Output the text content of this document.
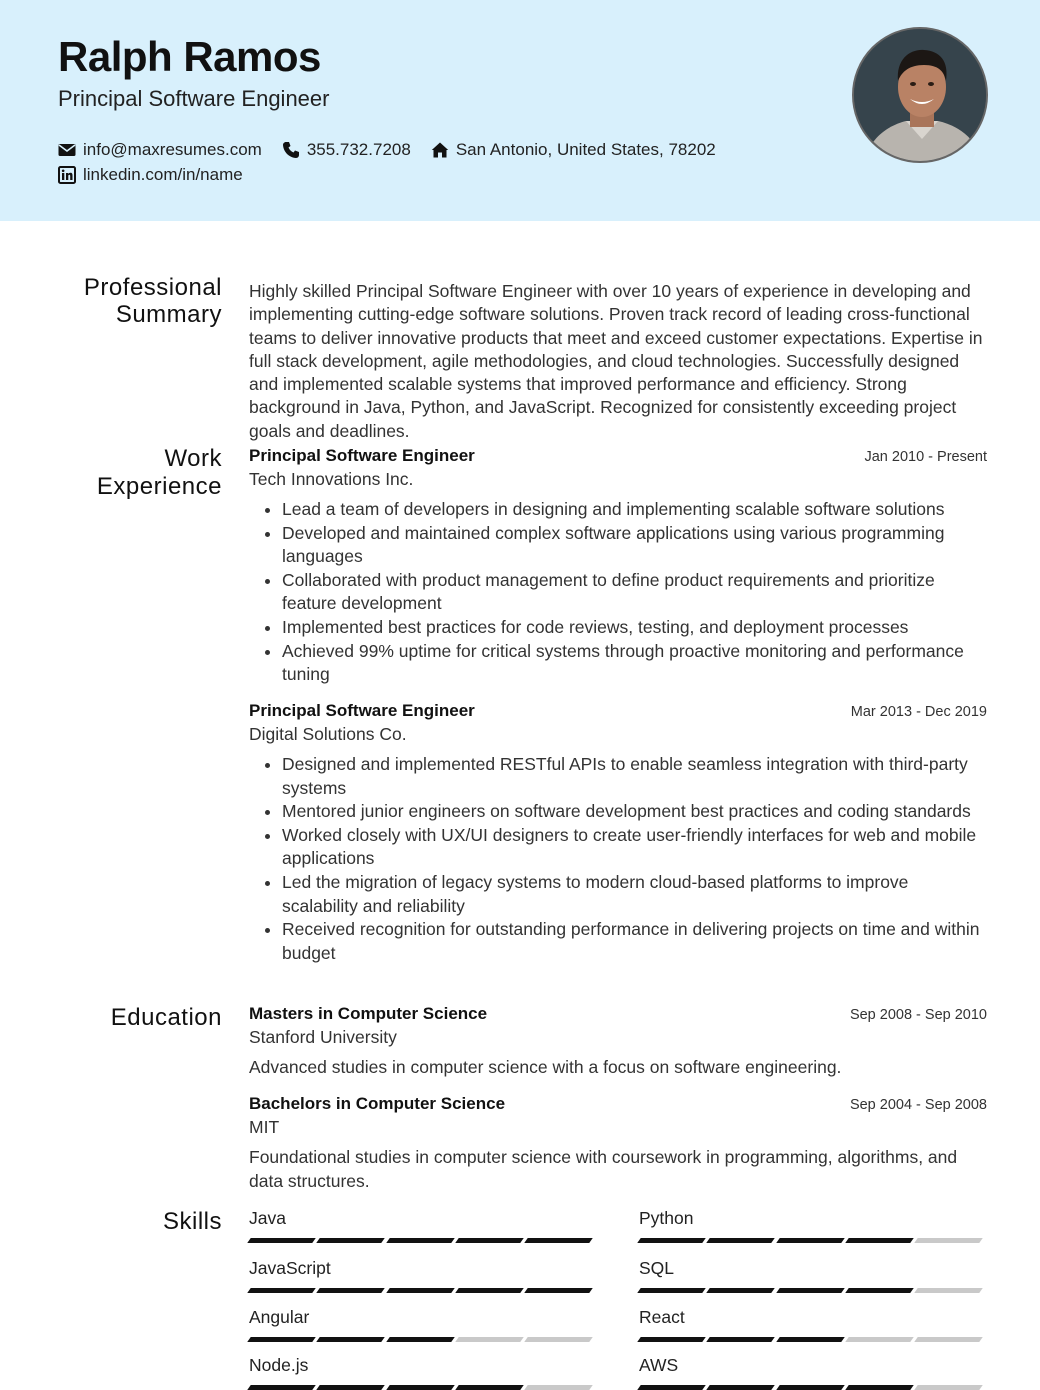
Ralph Ramos
Principal Software Engineer
info@maxresumes.com	355.732.7208	San Antonio, United States, 78202
linkedin.com/in/name
Professional
Summary
Work
Experience
Education
Skills
Highly skilled Principal Software Engineer with over 10 years of experience in developing and implementing cutting-edge software solutions. Proven track record of leading cross-functional teams to deliver innovative products that meet and exceed customer expectations. Expertise in full stack development, agile methodologies, and cloud technologies. Successfully designed and implemented scalable systems that improved performance and efficiency. Strong background in Java, Python, and JavaScript. Recognized for consistently exceeding project goals and deadlines.
Principal Software Engineer	Jan 2010 - Present
Tech Innovations Inc.
• Lead a team of developers in designing and implementing scalable software solutions
• Developed and maintained complex software applications using various programming languages
• Collaborated with product management to define product requirements and prioritize feature development
• Implemented best practices for code reviews, testing, and deployment processes
• Achieved 99% uptime for critical systems through proactive monitoring and performance tuning
Principal Software Engineer	Mar 2013 - Dec 2019
Digital Solutions Co.
• Designed and implemented RESTful APIs to enable seamless integration with third-party systems
• Mentored junior engineers on software development best practices and coding standards
• Worked closely with UX/UI designers to create user-friendly interfaces for web and mobile applications
• Led the migration of legacy systems to modern cloud-based platforms to improve scalability and reliability
• Received recognition for outstanding performance in delivering projects on time and within budget
Masters in Computer Science	Sep 2008 - Sep 2010
Stanford University
Advanced studies in computer science with a focus on software engineering.
Bachelors in Computer Science	Sep 2004 - Sep 2008
MIT
Foundational studies in computer science with coursework in programming, algorithms, and data structures.
Java	Python
JavaScript	SQL
Angular	React
Node.js	AWS
